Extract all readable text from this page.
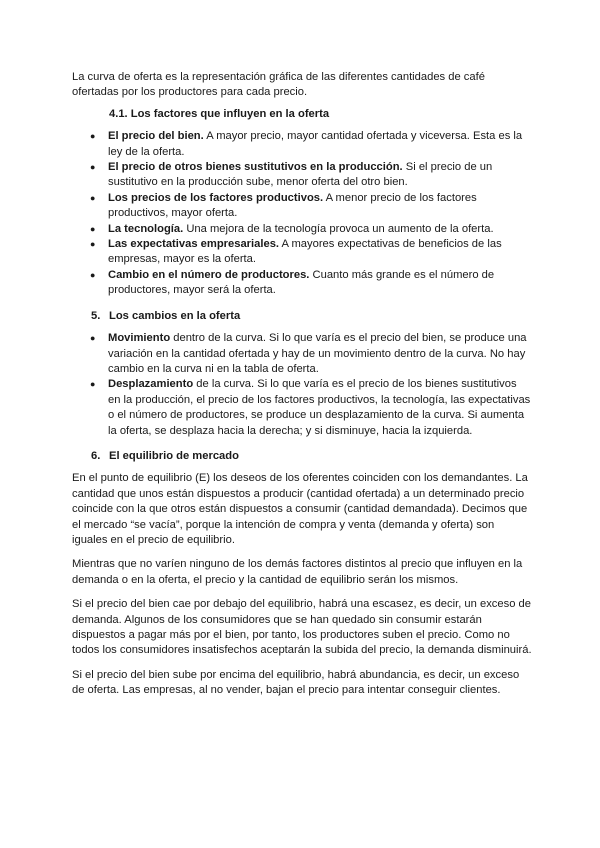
La curva de oferta es la representación gráfica de las diferentes cantidades de café ofertadas por los productores para cada precio.

4.1. Los factores que influyen en la oferta

● El precio del bien. A mayor precio, mayor cantidad ofertada y viceversa. Esta es la ley de la oferta.
● El precio de otros bienes sustitutivos en la producción. Si el precio de un sustitutivo en la producción sube, menor oferta del otro bien.
● Los precios de los factores productivos. A menor precio de los factores productivos, mayor oferta.
● La tecnología. Una mejora de la tecnología provoca un aumento de la oferta.
● Las expectativas empresariales. A mayores expectativas de beneficios de las empresas, mayor es la oferta.
● Cambio en el número de productores. Cuanto más grande es el número de productores, mayor será la oferta.

5. Los cambios en la oferta

● Movimiento dentro de la curva. Si lo que varía es el precio del bien, se produce una variación en la cantidad ofertada y hay de un movimiento dentro de la curva. No hay cambio en la curva ni en la tabla de oferta.
● Desplazamiento de la curva. Si lo que varía es el precio de los bienes sustitutivos en la producción, el precio de los factores productivos, la tecnología, las expectativas o el número de productores, se produce un desplazamiento de la curva. Si aumenta la oferta, se desplaza hacia la derecha; y si disminuye, hacia la izquierda.

6. El equilibrio de mercado

En el punto de equilibrio (E) los deseos de los oferentes coinciden con los demandantes. La cantidad que unos están dispuestos a producir (cantidad ofertada) a un determinado precio coincide con la que otros están dispuestos a consumir (cantidad demandada). Decimos que el mercado “se vacía”, porque la intención de compra y venta (demanda y oferta) son iguales en el precio de equilibrio.

Mientras que no varíen ninguno de los demás factores distintos al precio que influyen en la demanda o en la oferta, el precio y la cantidad de equilibrio serán los mismos.

Si el precio del bien cae por debajo del equilibrio, habrá una escasez, es decir, un exceso de demanda. Algunos de los consumidores que se han quedado sin consumir estarán dispuestos a pagar más por el bien, por tanto, los productores suben el precio. Como no todos los consumidores insatisfechos aceptarán la subida del precio, la demanda disminuirá.

Si el precio del bien sube por encima del equilibrio, habrá abundancia, es decir, un exceso de oferta. Las empresas, al no vender, bajan el precio para intentar conseguir clientes.
